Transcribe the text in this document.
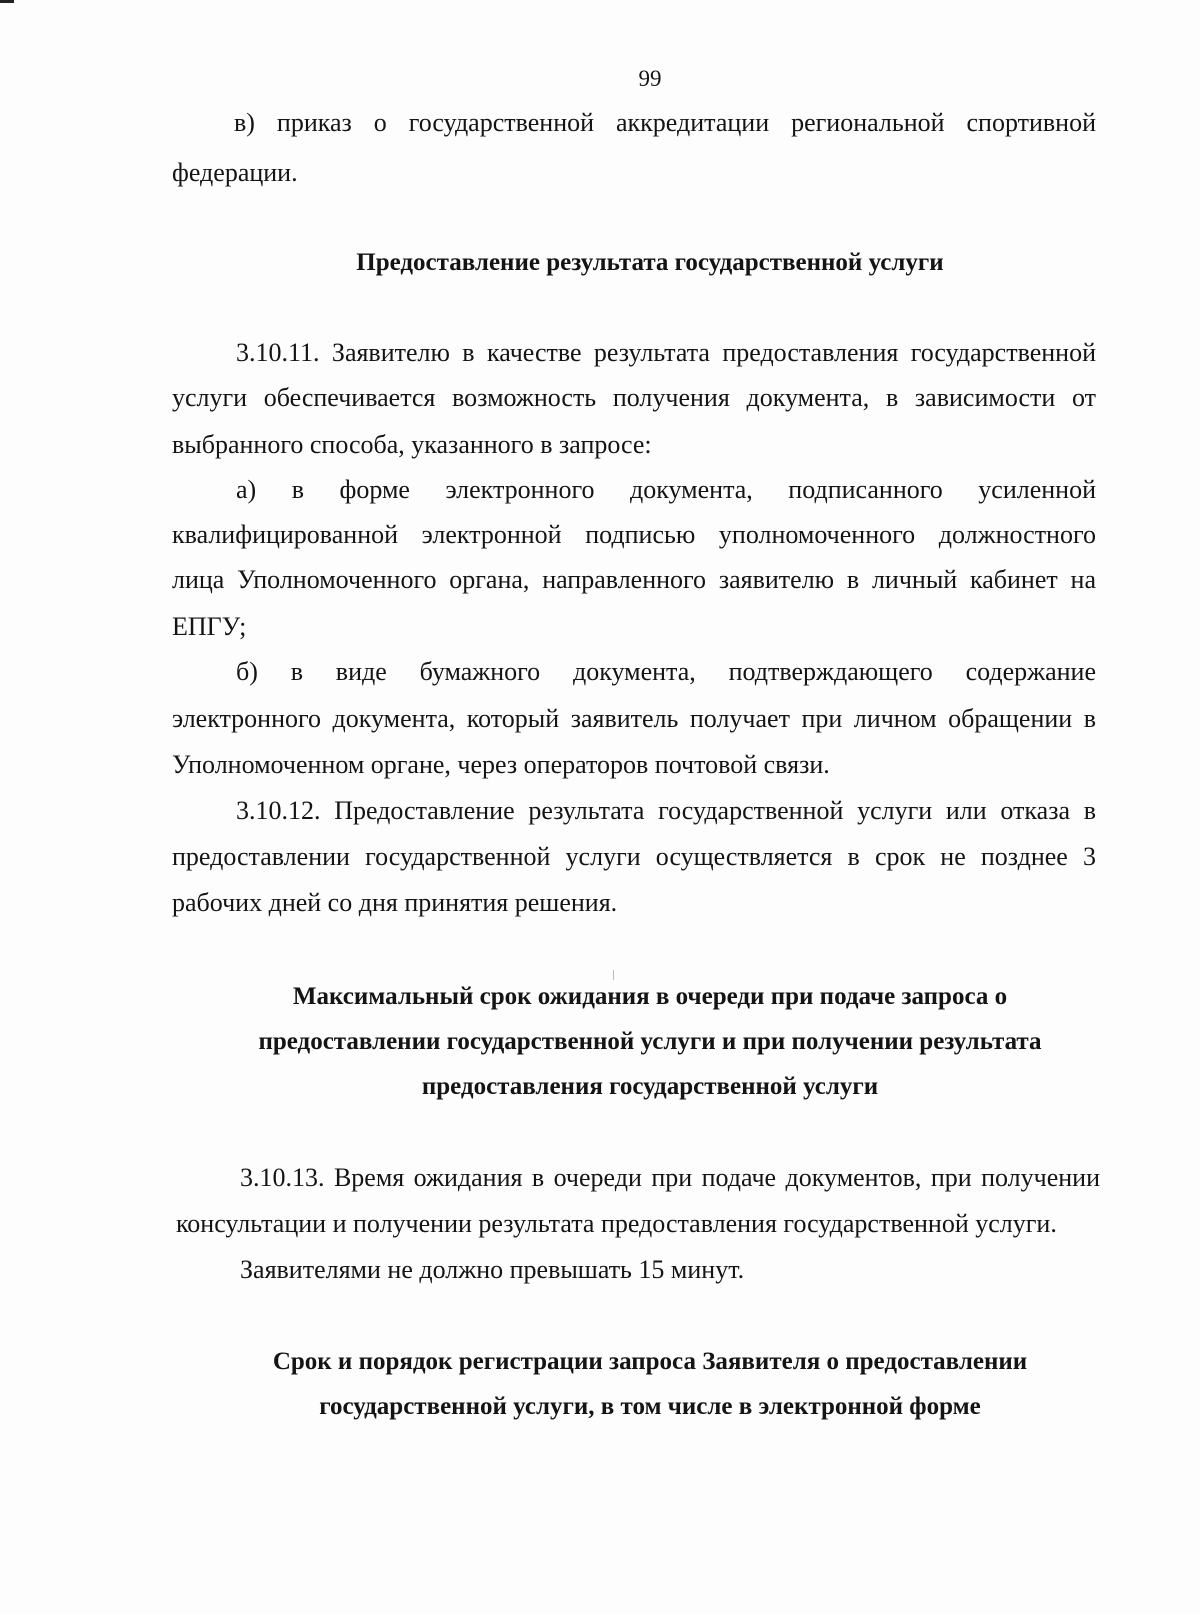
99
в) приказ о государственной аккредитации региональной спортивной
федерации.
Предоставление результата государственной услуги
3.10.11. Заявителю в качестве результата предоставления государственной
услуги обеспечивается возможность получения документа, в зависимости от
выбранного способа, указанного в запросе:
а) в форме электронного документа, подписанного усиленной
квалифицированной электронной подписью уполномоченного должностного
лица Уполномоченного органа, направленного заявителю в личный кабинет на
ЕПГУ;
б) в виде бумажного документа, подтверждающего содержание
электронного документа, который заявитель получает при личном обращении в
Уполномоченном органе, через операторов почтовой связи.
3.10.12. Предоставление результата государственной услуги или отказа в
предоставлении государственной услуги осуществляется в срок не позднее 3
рабочих дней со дня принятия решения.
Максимальный срок ожидания в очереди при подаче запроса о
предоставлении государственной услуги и при получении результата
предоставления государственной услуги
3.10.13. Время ожидания в очереди при подаче документов, при получении
консультации и получении результата предоставления государственной услуги.
Заявителями не должно превышать 15 минут.
Срок и порядок регистрации запроса Заявителя о предоставлении
государственной услуги, в том числе в электронной форме
